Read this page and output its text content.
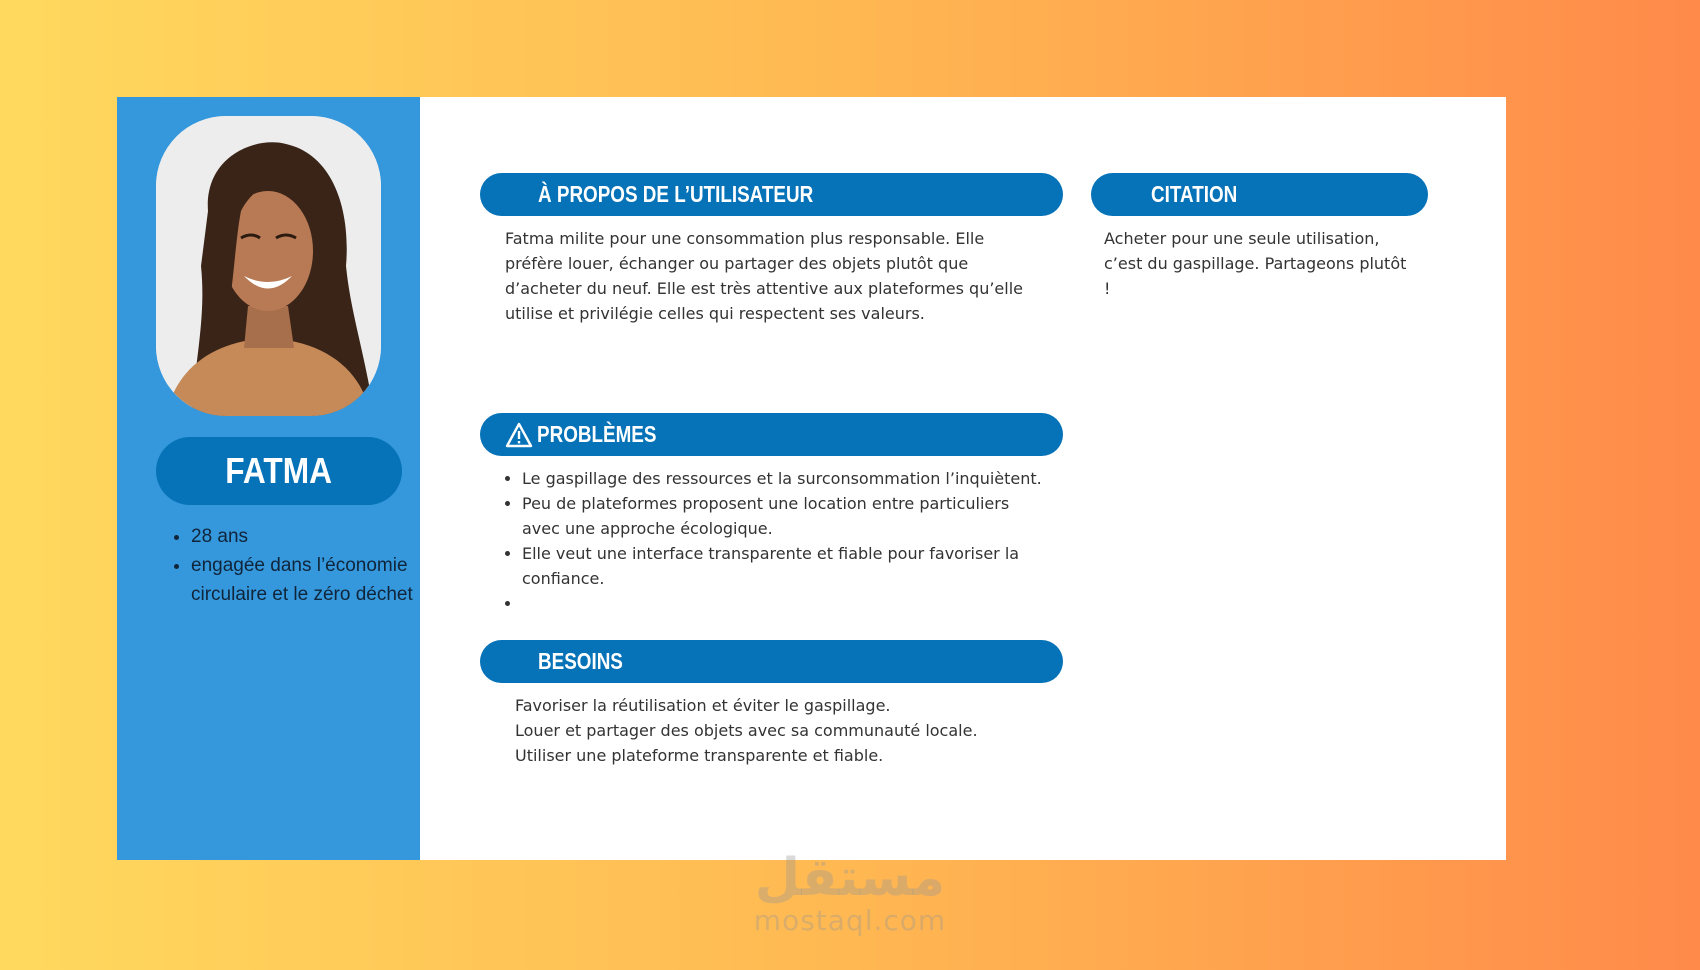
FATMA
• 28 ans
• engagée dans l’économie circulaire et le zéro déchet
À PROPOS DE L’UTILISATEUR

Fatma milite pour une consommation plus responsable. Elle préfère louer, échanger ou partager des objets plutôt que d’acheter du neuf. Elle est très attentive aux plateformes qu’elle utilise et privilégie celles qui respectent ses valeurs.

CITATION

Acheter pour une seule utilisation, c’est du gaspillage. Partageons plutôt !

PROBLÈMES
• Le gaspillage des ressources et la surconsommation l’inquiètent.
• Peu de plateformes proposent une location entre particuliers avec une approche écologique.
• Elle veut une interface transparente et fiable pour favoriser la confiance.
•
BESOINS
Favoriser la réutilisation et éviter le gaspillage.
Louer et partager des objets avec sa communauté locale.
Utiliser une plateforme transparente et fiable.
مستقل
mostaql.com
